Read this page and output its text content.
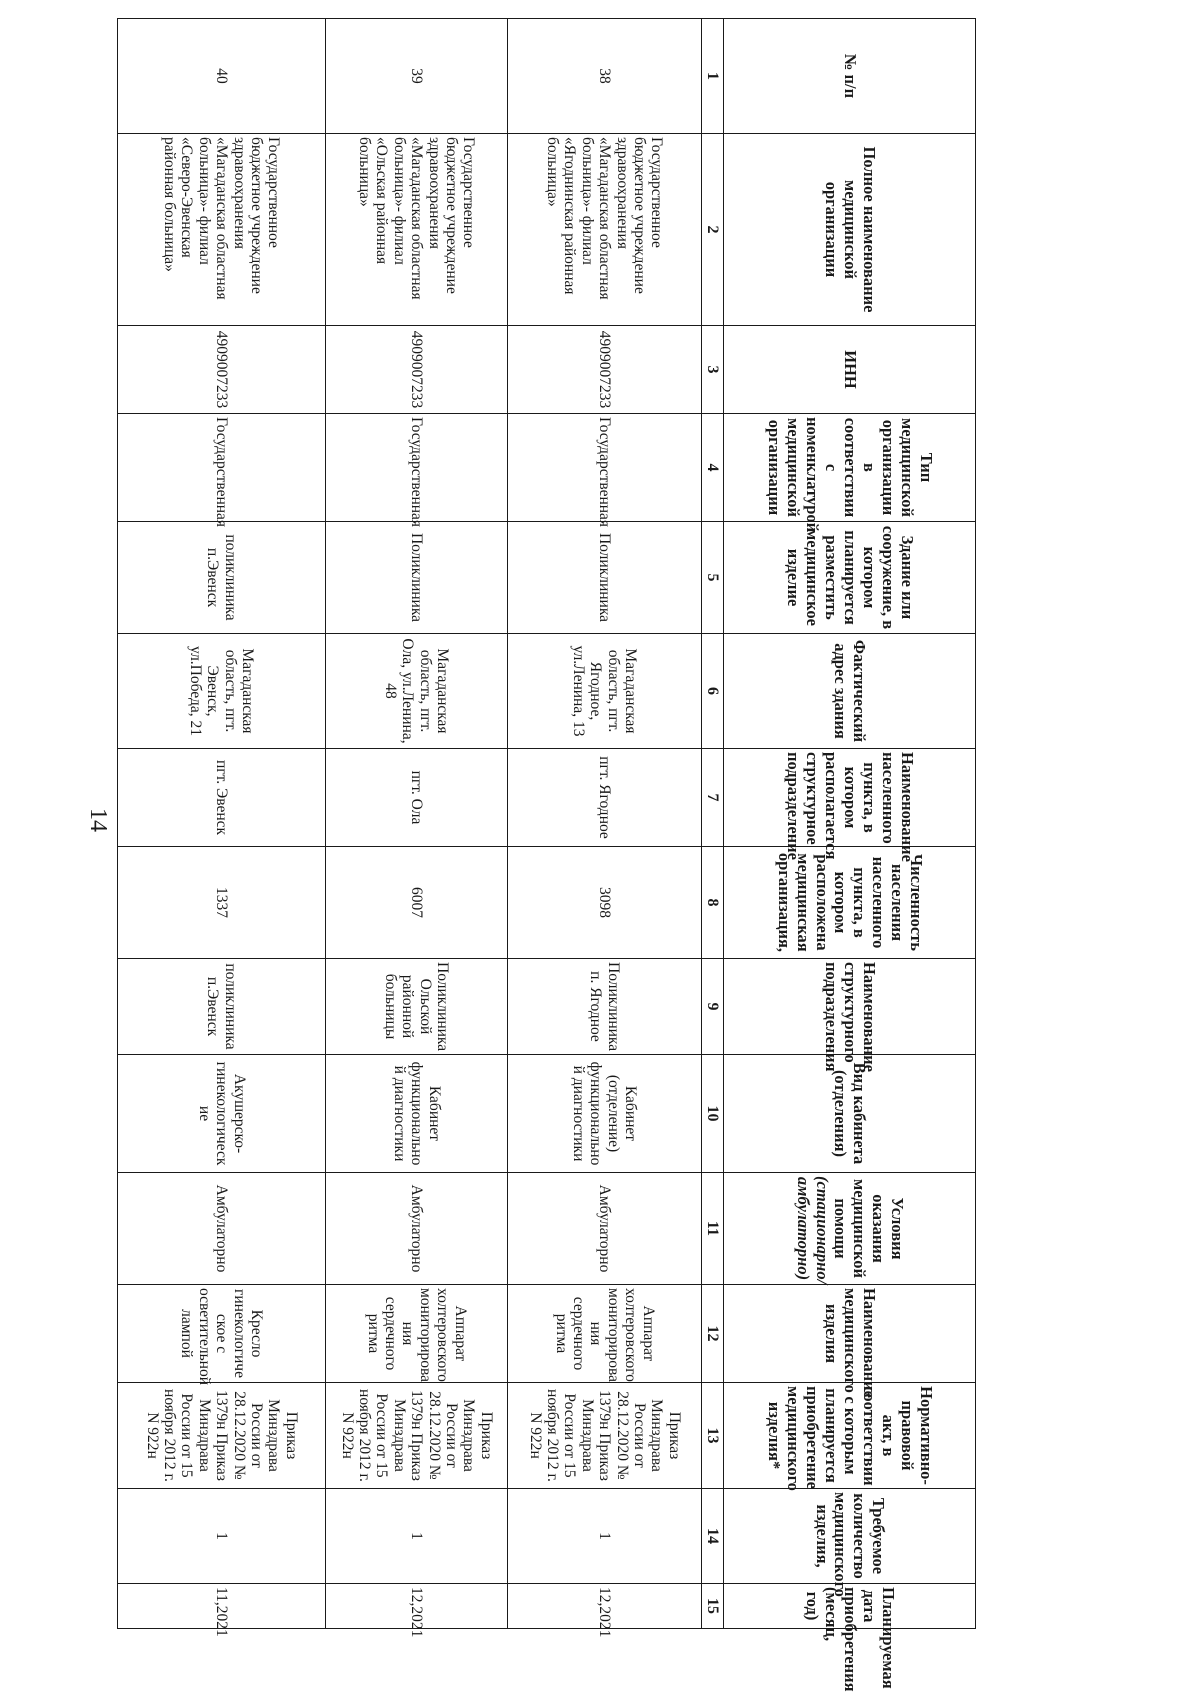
14
№ п/п	Полное наименование медицинской организации	ИНН	Тип медицинской организации в соответствии с номенклатурой медицинской организации	Здание или сооружение, в котором планируется разместить медицинское изделие	Фактический адрес здания	Наименование населенного пункта, в котором располагается структурное подразделение	Численность населения населенного пункта, в котором расположена медицинская организация,	Наименование структурного подразделения	Вид кабинета (отделения)	Условия оказания медицинской помощи (стационарно/ амбулаторно)	Наименование медицинского изделия	Нормативно-правовой акт, в соответствии с которым планируется приобретение медицинского изделия*	Требуемое количество медицинского изделия,	Планируемая дата приобретения (месяц, год)
1	2	3	4	5	6	7	8	9	10	11	12	13	14	15
38	Государственное бюджетное учреждение здравоохранения «Магаданская областная больница»- филиал «Ягоднинская районная больница»	4909007233	Государственная	Поликлиника	Магаданская область, пгт. Ягодное, ул.Ленина, 13	пгт. Ягодное	3098	Поликлиника п. Ягодное	Кабинет (отделение) функционально й диагностики	Амбулаторно	Аппарат холтеровского мониторирова ния сердечного ритма	Приказ Минздрава России от 28.12.2020 № 1379н Приказ Минздрава России от 15 ноября 2012 г. N 922н	1	12,2021
39	Государственное бюджетное учреждение здравоохранения «Магаданская областная больница»- филиал «Ольская районная больница»	4909007233	Государственная	Поликлиника	Магаданская область, пгт. Ола, ул.Ленина, 48	пгт. Ола	6007	Поликлиника Ольской районной больницы	Кабинет функционально й диагностики	Амбулаторно	Аппарат холтеровского мониторирова ния сердечного ритма	Приказ Минздрава России от 28.12.2020 № 1379н Приказ Минздрава России от 15 ноября 2012 г. N 922н	1	12,2021
40	Государственное бюджетное учреждение здравоохранения «Магаданская областная больница»- филиал «Северо-Эвенская районная больница»	4909007233	Государственная	поликлиника п.Эвенск	Магаданская область, пгт. Эвенск, ул.Победа, 21	пгт. Эвенск	1337	поликлиника п.Эвенск	Акушерско-гинекологическ ие	Амбулаторно	Кресло гинекологиче ское с осветительной лампой	Приказ Минздрава России от 28.12.2020 № 1379н Приказ Минздрава России от 15 ноября 2012 г. N 922н	1	11,2021
